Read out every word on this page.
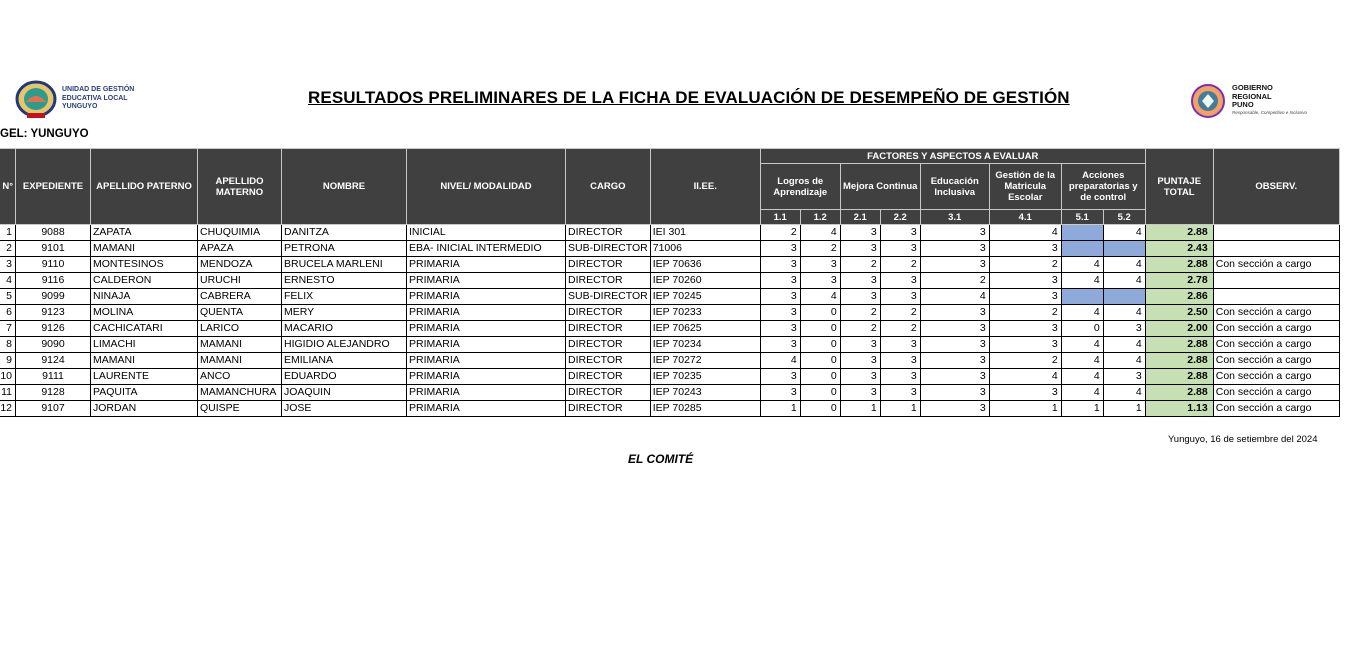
UNIDAD DE GESTIÓN
EDUCATIVA LOCAL
YUNGUYO	RESULTADOS PRELIMINARES DE LA FICHA DE EVALUACIÓN DE DESEMPEÑO DE GESTIÓN
GOBIERNO
REGIONAL
PUNO
Responsable, Competitivo e Inclusivo
GEL: YUNGUYO
N°	EXPEDIENTE	APELLIDO PATERNO	APELLIDO MATERNO	NOMBRE	NIVEL/ MODALIDAD	CARGO	II.EE.	FACTORES Y ASPECTOS A EVALUAR								PUNTAJE TOTAL	OBSERV.
								Logros de Aprendizaje		Mejora Continua		Educación Inclusiva	Gestión de la Matricula Escolar	Acciones preparatorias y de control			
								1.1	1.2	2.1	2.2	3.1	4.1	5.1	5.2		
1	9088	ZAPATA	CHUQUIMIA	DANITZA	INICIAL	DIRECTOR	IEI 301	2	4	3	3	3	4		4	2.88	
2	9101	MAMANI	APAZA	PETRONA	EBA- INICIAL INTERMEDIO	SUB-DIRECTOR	71006	3	2	3	3	3	3			2.43	
3	9110	MONTESINOS	MENDOZA	BRUCELA MARLENI	PRIMARIA	DIRECTOR	IEP 70636	3	3	2	2	3	2	4	4	2.88	Con sección a cargo
4	9116	CALDERON	URUCHI	ERNESTO	PRIMARIA	DIRECTOR	IEP 70260	3	3	3	3	2	3	4	4	2.78	
5	9099	NINAJA	CABRERA	FELIX	PRIMARIA	SUB-DIRECTOR	IEP 70245	3	4	3	3	4	3			2.86	
6	9123	MOLINA	QUENTA	MERY	PRIMARIA	DIRECTOR	IEP 70233	3	0	2	2	3	2	4	4	2.50	Con sección a cargo
7	9126	CACHICATARI	LARICO	MACARIO	PRIMARIA	DIRECTOR	IEP 70625	3	0	2	2	3	3	0	3	2.00	Con sección a cargo
8	9090	LIMACHI	MAMANI	HIGIDIO ALEJANDRO	PRIMARIA	DIRECTOR	IEP 70234	3	0	3	3	3	3	4	4	2.88	Con sección a cargo
9	9124	MAMANI	MAMANI	EMILIANA	PRIMARIA	DIRECTOR	IEP 70272	4	0	3	3	3	2	4	4	2.88	Con sección a cargo
10	9111	LAURENTE	ANCO	EDUARDO	PRIMARIA	DIRECTOR	IEP 70235	3	0	3	3	3	4	4	3	2.88	Con sección a cargo
11	9128	PAQUITA	MAMANCHURA	JOAQUIN	PRIMARIA	DIRECTOR	IEP 70243	3	0	3	3	3	3	4	4	2.88	Con sección a cargo
12	9107	JORDAN	QUISPE	JOSE	PRIMARIA	DIRECTOR	IEP 70285	1	0	1	1	3	1	1	1	1.13	Con sección a cargo
Yunguyo, 16 de setiembre del 2024
EL COMITÉ
